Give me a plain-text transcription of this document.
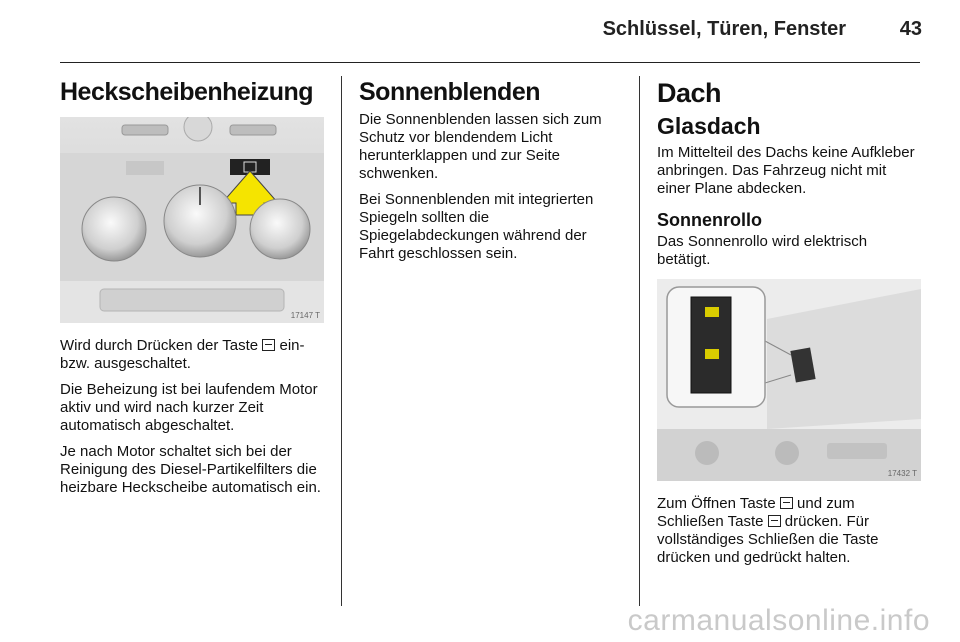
Schlüssel, Türen, Fenster	43
Heckscheibenheizung
17147 T

Wird durch Drücken der Taste ein- bzw. ausgeschaltet.

Die Beheizung ist bei laufendem Motor aktiv und wird nach kurzer Zeit automatisch abgeschaltet.

Je nach Motor schaltet sich bei der Reinigung des Diesel-Partikelfilters die heizbare Heckscheibe automatisch ein.

Sonnenblenden

Die Sonnenblenden lassen sich zum Schutz vor blendendem Licht herunterklappen und zur Seite schwenken.

Bei Sonnenblenden mit integrierten Spiegeln sollten die Spiegelabdeckungen während der Fahrt geschlossen sein.

Dach
Glasdach

Im Mittelteil des Dachs keine Aufkleber anbringen. Das Fahrzeug nicht mit einer Plane abdecken.

Sonnenrollo

Das Sonnenrollo wird elektrisch betätigt.

17432 T

Zum Öffnen Taste und zum Schließen Taste drücken. Für vollständiges Schließen die Taste drücken und gedrückt halten.

carmanualsonline.info
